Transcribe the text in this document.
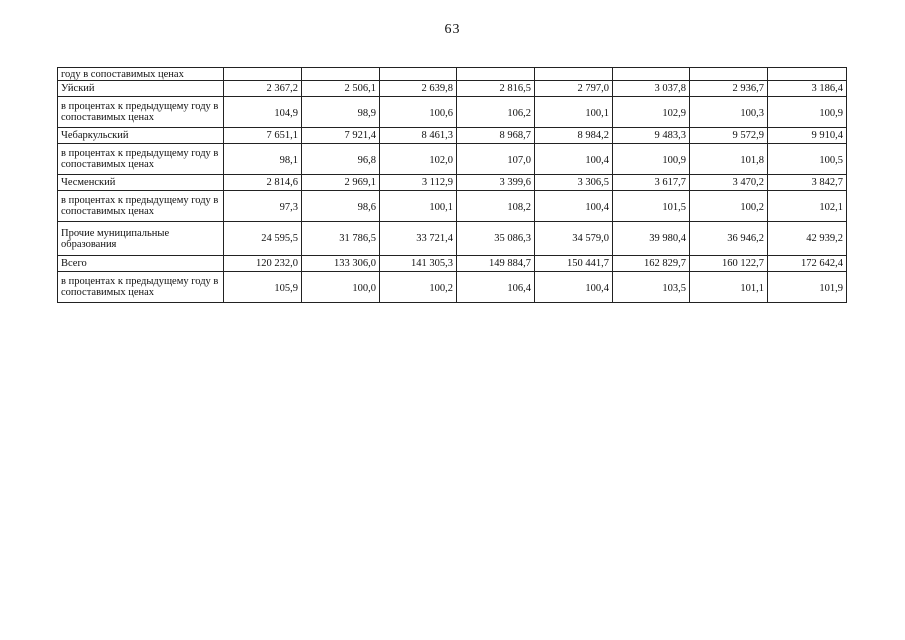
63
году в сопоставимых ценах								
Уйский	2 367,2	2 506,1	2 639,8	2 816,5	2 797,0	3 037,8	2 936,7	3 186,4
в процентах к предыдущему году в сопоставимых ценах	104,9	98,9	100,6	106,2	100,1	102,9	100,3	100,9
Чебаркульский	7 651,1	7 921,4	8 461,3	8 968,7	8 984,2	9 483,3	9 572,9	9 910,4
в процентах к предыдущему году в сопоставимых ценах	98,1	96,8	102,0	107,0	100,4	100,9	101,8	100,5
Чесменский	2 814,6	2 969,1	3 112,9	3 399,6	3 306,5	3 617,7	3 470,2	3 842,7
в процентах к предыдущему году в сопоставимых ценах	97,3	98,6	100,1	108,2	100,4	101,5	100,2	102,1
Прочие муниципальные образования	24 595,5	31 786,5	33 721,4	35 086,3	34 579,0	39 980,4	36 946,2	42 939,2
Всего	120 232,0	133 306,0	141 305,3	149 884,7	150 441,7	162 829,7	160 122,7	172 642,4
в процентах к предыдущему году в сопоставимых ценах	105,9	100,0	100,2	106,4	100,4	103,5	101,1	101,9
